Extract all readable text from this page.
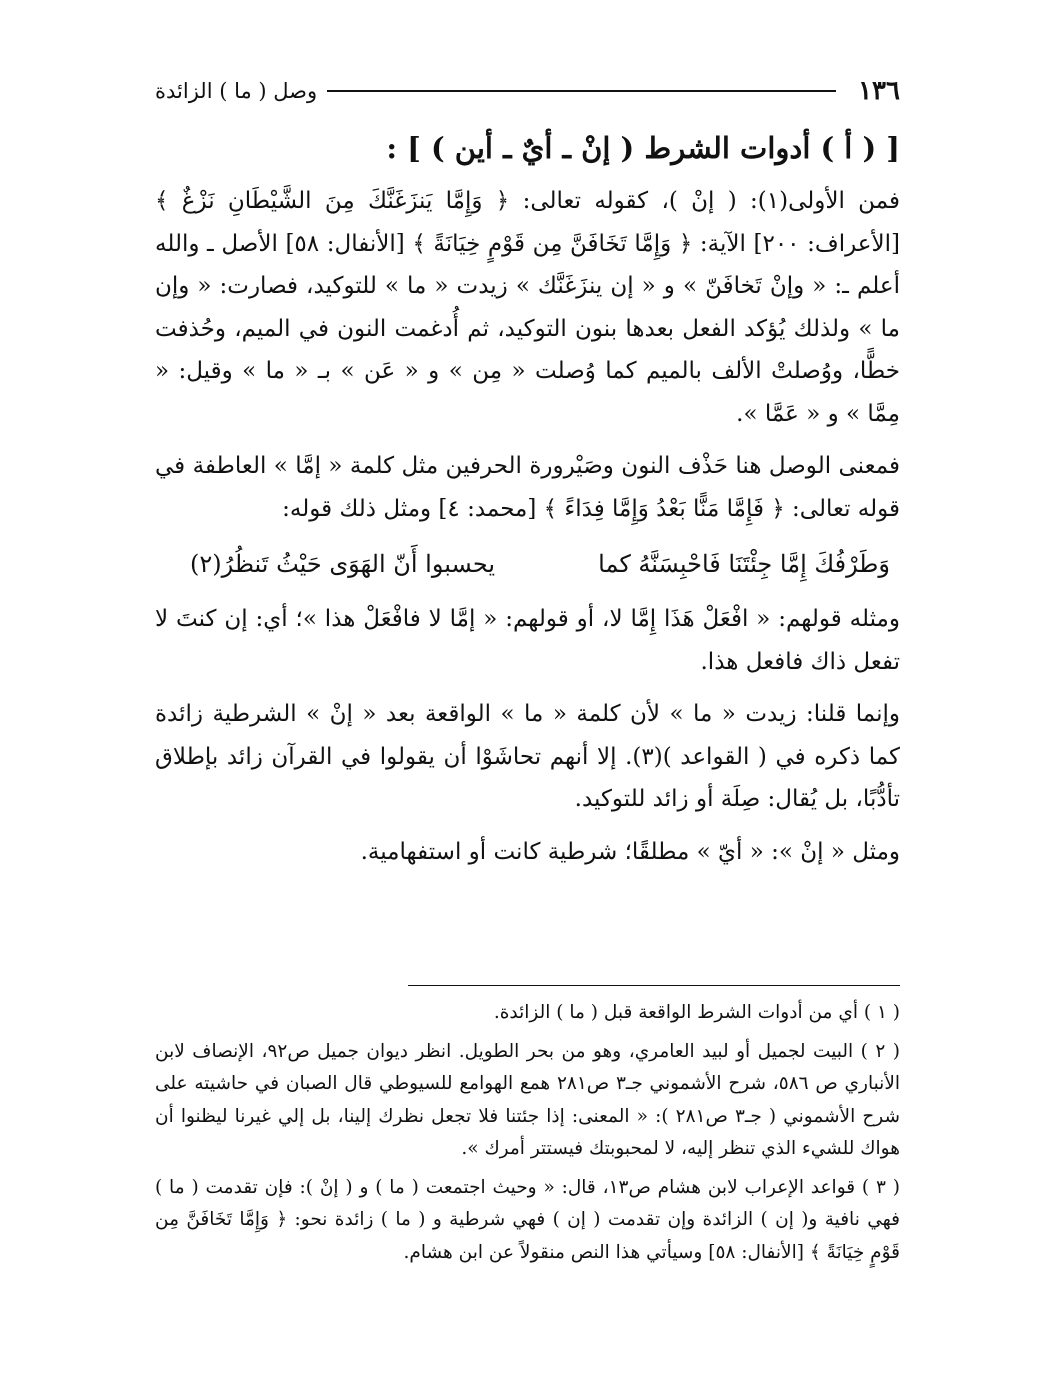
١٣٦
وصل ( ما ) الزائدة

[ ( أ ) أدوات الشرط ( إنْ ـ أيٌ ـ أين ) ] :

فمن الأولى(١): ( إنْ )، كقوله تعالى: ﴿ وَإِمَّا يَنزَغَنَّكَ مِنَ الشَّيْطَانِ نَزْغٌ ﴾ [الأعراف: ٢٠٠] الآية: ﴿ وَإِمَّا تَخَافَنَّ مِن قَوْمٍ خِيَانَةً ﴾ [الأنفال: ٥٨] الأصل ـ والله أعلم ـ: « وإنْ تَخافَنّ » و « إن ينزَغَنَّك » زيدت « ما » للتوكيد، فصارت: « وإن ما » ولذلك يُؤكد الفعل بعدها بنون التوكيد، ثم أُدغمت النون في الميم، وحُذفت خطًّا، ووُصلتْ الألف بالميم كما وُصلت « مِن » و « عَن » بـ « ما » وقيل: « مِمَّا » و « عَمَّا ».

فمعنى الوصل هنا حَذْف النون وصَيْرورة الحرفين مثل كلمة « إمَّا » العاطفة في قوله تعالى: ﴿ فَإِمَّا مَنًّا بَعْدُ وَإِمَّا فِدَاءً ﴾ [محمد: ٤] ومثل ذلك قوله:

وَطَرْفُكَ إِمَّا جِئْتَنَا فَاحْبِسَنَّهُ كما
يحسبوا أَنّ الهَوَى حَيْثُ تَنظُرُ(٢)

ومثله قولهم: « افْعَلْ هَذَا إِمَّا لا، أو قولهم: « إمَّا لا فافْعَلْ هذا »؛ أي: إن كنتَ لا تفعل ذاك فافعل هذا.

وإنما قلنا: زيدت « ما » لأن كلمة « ما » الواقعة بعد « إنْ » الشرطية زائدة كما ذكره في ( القواعد )(٣). إلا أنهم تحاشَوْا أن يقولوا في القرآن زائد بإطلاق تأدُّبًا، بل يُقال: صِلَة أو زائد للتوكيد.

ومثل « إنْ »: « أيّ » مطلقًا؛ شرطية كانت أو استفهامية.

( ١ ) أي من أدوات الشرط الواقعة قبل ( ما ) الزائدة.

( ٢ ) البيت لجميل أو لبيد العامري، وهو من بحر الطويل. انظر ديوان جميل ص٩٢، الإنصاف لابن الأنباري ص ٥٨٦، شرح الأشموني جـ٣ ص٢٨١ همع الهوامع للسيوطي قال الصبان في حاشيته على شرح الأشموني ( جـ٣ ص٢٨١ ): « المعنى: إذا جئتنا فلا تجعل نظرك إلينا، بل إلي غيرنا ليظنوا أن هواك للشيء الذي تنظر إليه، لا لمحبوبتك فيستتر أمرك ».

( ٣ ) قواعد الإعراب لابن هشام ص١٣، قال: « وحيث اجتمعت ( ما ) و ( إنْ ): فإن تقدمت ( ما ) فهي نافية و( إن ) الزائدة وإن تقدمت ( إن ) فهي شرطية و ( ما ) زائدة نحو: ﴿ وَإِمَّا تَخَافَنَّ مِن قَوْمٍ خِيَانَةً ﴾ [الأنفال: ٥٨] وسيأتي هذا النص منقولاً عن ابن هشام.
